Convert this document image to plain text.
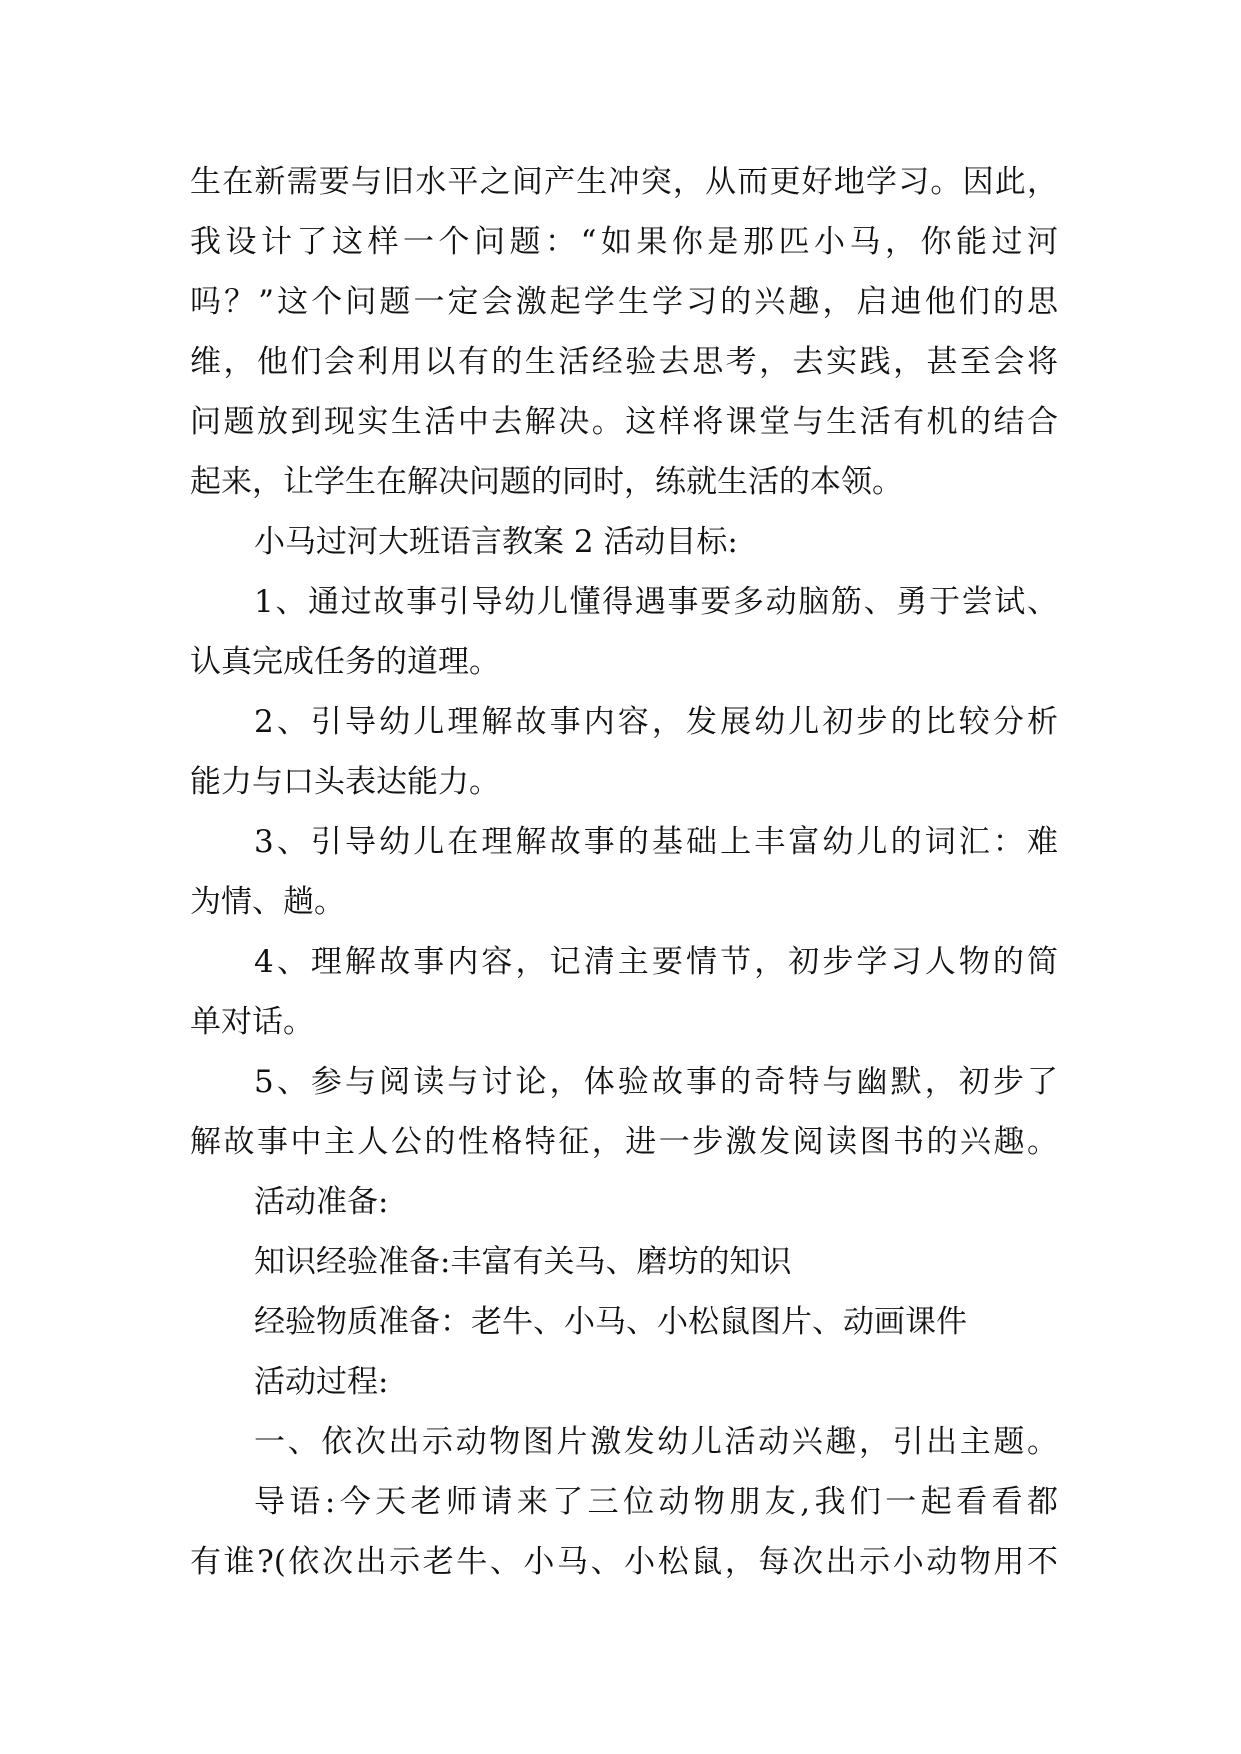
生在新需要与旧水平之间产生冲突，从而更好地学习。因此，
我设计了这样一个问题：“如果你是那匹小马，你能过河
吗？”这个问题一定会激起学生学习的兴趣，启迪他们的思
维，他们会利用以有的生活经验去思考，去实践，甚至会将
问题放到现实生活中去解决。这样将课堂与生活有机的结合
起来，让学生在解决问题的同时，练就生活的本领。
小马过河大班语言教案 2 活动目标:
1、通过故事引导幼儿懂得遇事要多动脑筋、勇于尝试、
认真完成任务的道理。
2、引导幼儿理解故事内容，发展幼儿初步的比较分析
能力与口头表达能力。
3、引导幼儿在理解故事的基础上丰富幼儿的词汇：难
为情、趟。
4、理解故事内容，记清主要情节，初步学习人物的简
单对话。
5、参与阅读与讨论，体验故事的奇特与幽默，初步了
解故事中主人公的性格特征，进一步激发阅读图书的兴趣。
活动准备:
知识经验准备:丰富有关马、磨坊的知识
经验物质准备：老牛、小马、小松鼠图片、动画课件
活动过程:
一、依次出示动物图片激发幼儿活动兴趣，引出主题。
导语:今天老师请来了三位动物朋友,我们一起看看都
有谁?(依次出示老牛、小马、小松鼠，每次出示小动物用不
